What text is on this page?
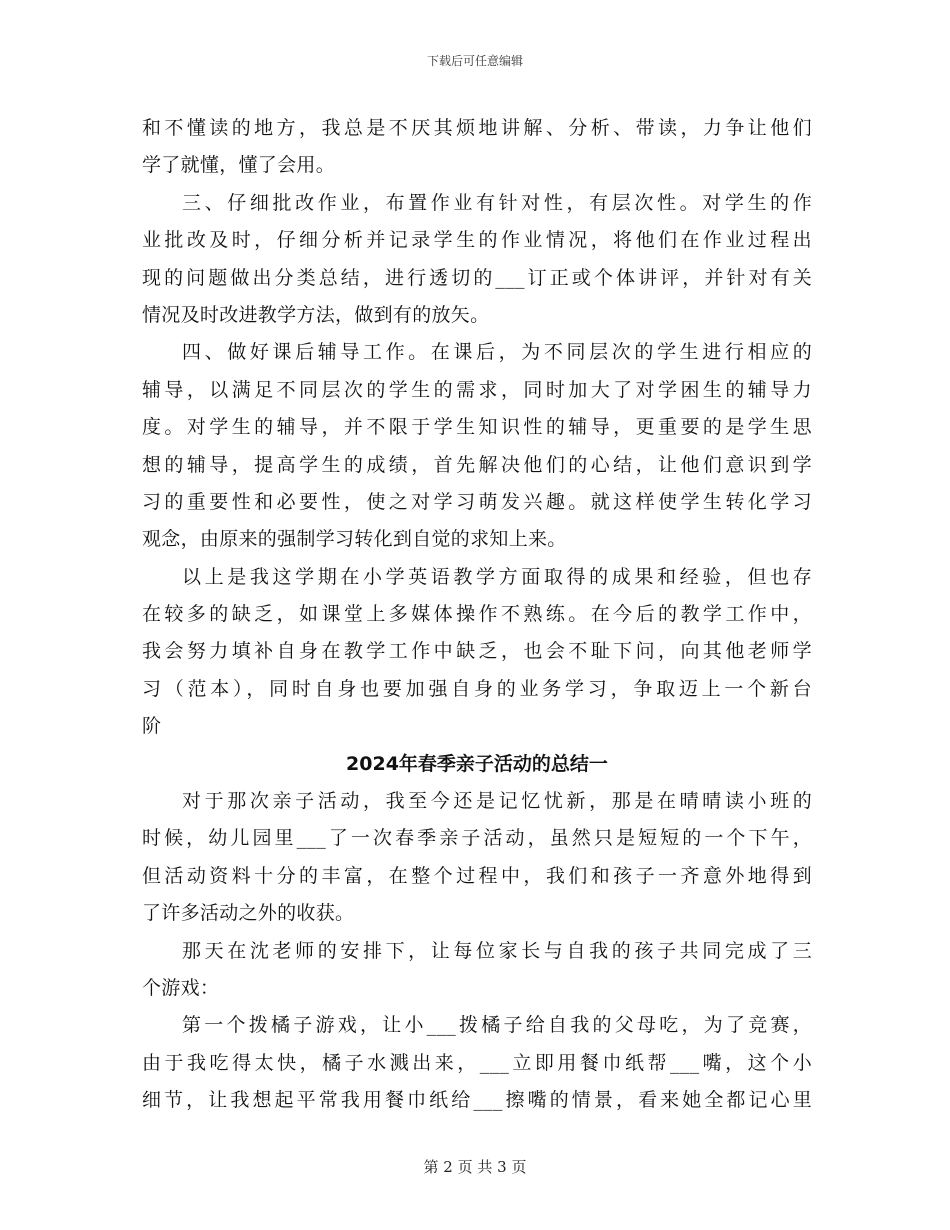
下载后可任意编辑
和不懂读的地方，我总是不厌其烦地讲解、分析、带读，力争让他们
学了就懂，懂了会用。
三、仔细批改作业，布置作业有针对性，有层次性。对学生的作
业批改及时，仔细分析并记录学生的作业情况，将他们在作业过程出
现的问题做出分类总结，进行透切的___订正或个体讲评，并针对有关
情况及时改进教学方法，做到有的放矢。
四、做好课后辅导工作。在课后，为不同层次的学生进行相应的
辅导，以满足不同层次的学生的需求，同时加大了对学困生的辅导力
度。对学生的辅导，并不限于学生知识性的辅导，更重要的是学生思
想的辅导，提高学生的成绩，首先解决他们的心结，让他们意识到学
习的重要性和必要性，使之对学习萌发兴趣。就这样使学生转化学习
观念，由原来的强制学习转化到自觉的求知上来。
以上是我这学期在小学英语教学方面取得的成果和经验，但也存
在较多的缺乏，如课堂上多媒体操作不熟练。在今后的教学工作中，
我会努力填补自身在教学工作中缺乏，也会不耻下问，向其他老师学
习（范本），同时自身也要加强自身的业务学习，争取迈上一个新台
阶
2024年春季亲子活动的总结一
对于那次亲子活动，我至今还是记忆忧新，那是在晴晴读小班的
时候，幼儿园里___了一次春季亲子活动，虽然只是短短的一个下午，
但活动资料十分的丰富，在整个过程中，我们和孩子一齐意外地得到
了许多活动之外的收获。
那天在沈老师的安排下，让每位家长与自我的孩子共同完成了三
个游戏：
第一个拨橘子游戏，让小___拨橘子给自我的父母吃，为了竞赛，
由于我吃得太快，橘子水溅出来，___立即用餐巾纸帮___嘴，这个小
细节，让我想起平常我用餐巾纸给___擦嘴的情景，看来她全都记心里
第 2 页 共 3 页
